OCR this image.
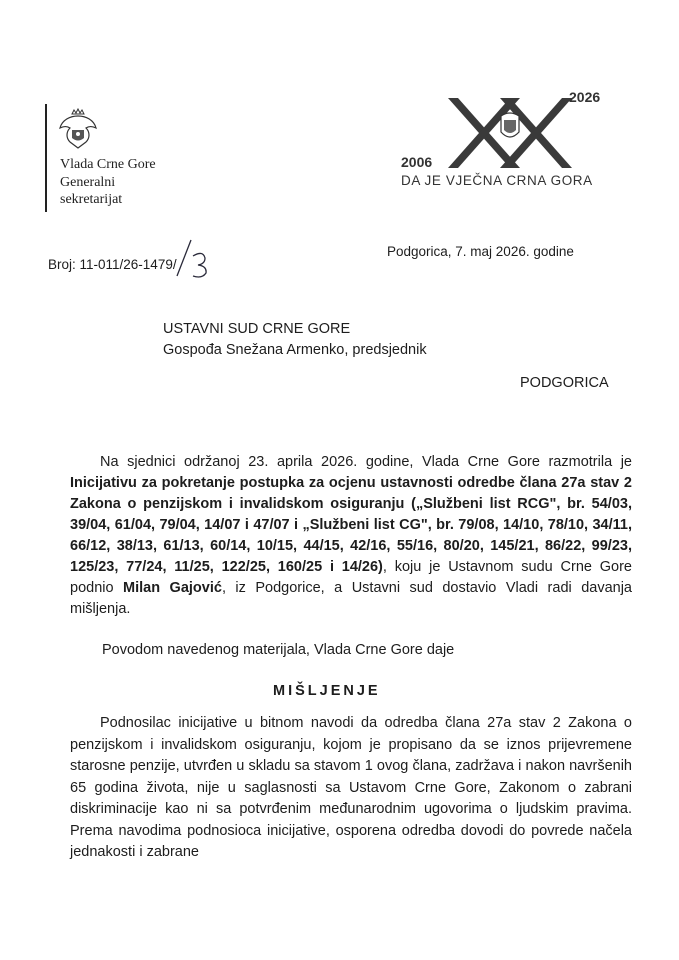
Vlada Crne Gore
Generalni
sekretarijat
2026
2006
DA JE VJEČNA CRNA GORA
Broj: 11-011/26-1479/
Podgorica, 7. maj 2026. godine
USTAVNI SUD CRNE GORE
Gospođa Snežana Armenko, predsjednik
PODGORICA
Na sjednici održanoj 23. aprila 2026. godine, Vlada Crne Gore razmotrila je Inicijativu za pokretanje postupka za ocjenu ustavnosti odredbe člana 27a stav 2 Zakona o penzijskom i invalidskom osiguranju („Službeni list RCG", br. 54/03, 39/04, 61/04, 79/04, 14/07 i 47/07 i „Službeni list CG", br. 79/08, 14/10, 78/10, 34/11, 66/12, 38/13, 61/13, 60/14, 10/15, 44/15, 42/16, 55/16, 80/20, 145/21, 86/22, 99/23, 125/23, 77/24, 11/25, 122/25, 160/25 i 14/26), koju je Ustavnom sudu Crne Gore podnio Milan Gajović, iz Podgorice, a Ustavni sud dostavio Vladi radi davanja mišljenja.
Povodom navedenog materijala, Vlada Crne Gore daje
MIŠLJENJE
Podnosilac inicijative u bitnom navodi da odredba člana 27a stav 2 Zakona o penzijskom i invalidskom osiguranju, kojom je propisano da se iznos prijevremene starosne penzije, utvrđen u skladu sa stavom 1 ovog člana, zadržava i nakon navršenih 65 godina života, nije u saglasnosti sa Ustavom Crne Gore, Zakonom o zabrani diskriminacije kao ni sa potvrđenim međunarodnim ugovorima o ljudskim pravima. Prema navodima podnosioca inicijative, osporena odredba dovodi do povrede načela jednakosti i zabrane
